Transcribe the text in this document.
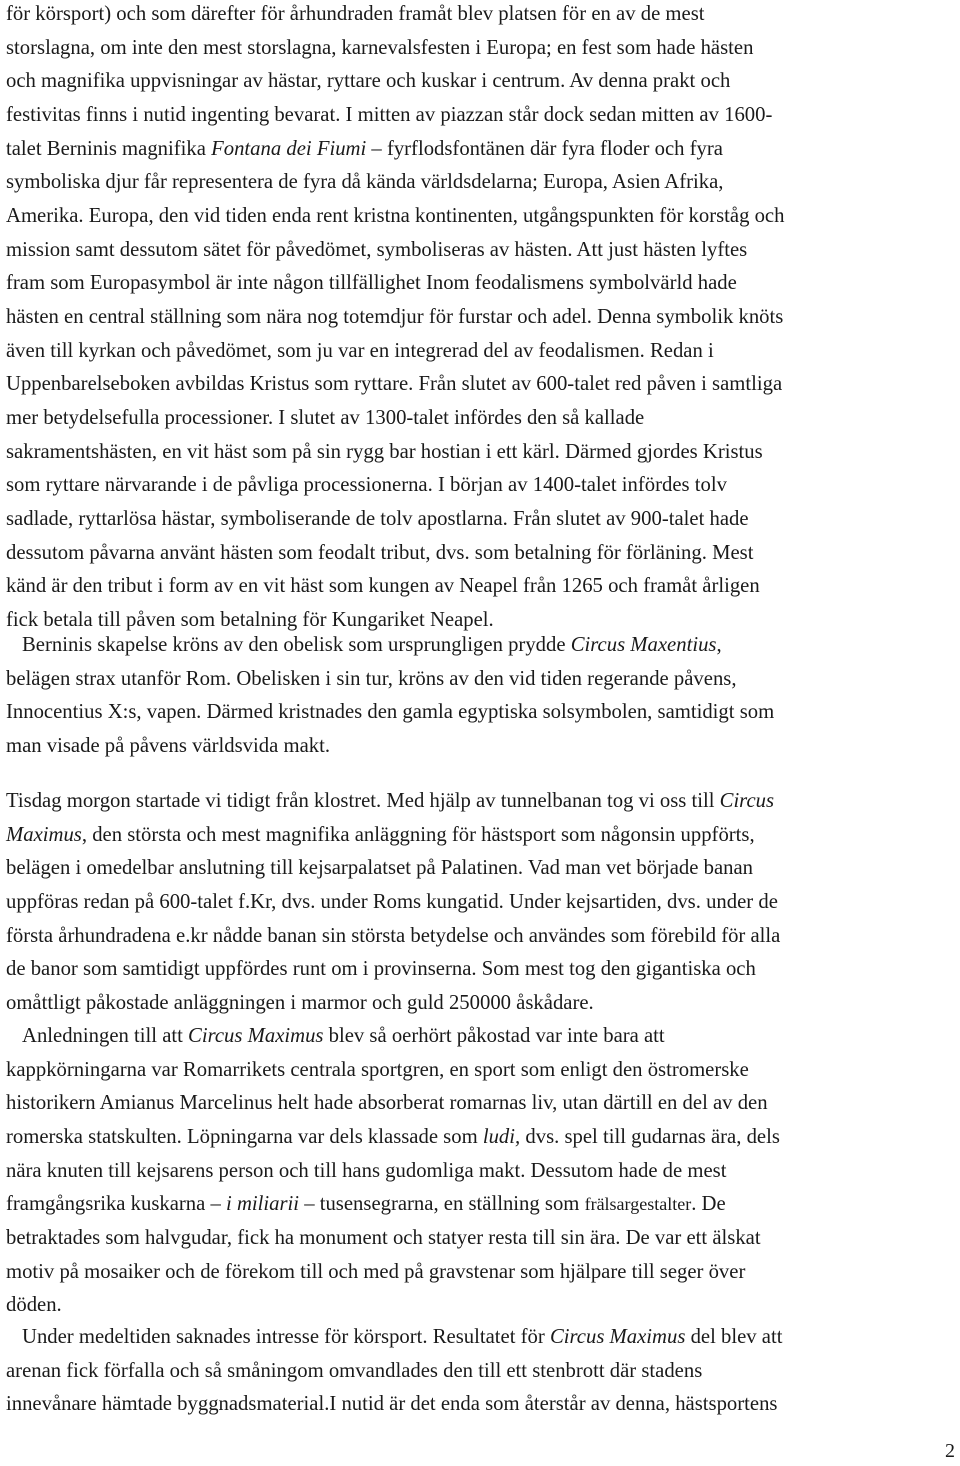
för körsport) och som därefter för århundraden framåt blev platsen för en av de mest
storslagna, om inte den mest storslagna, karnevalsfesten i Europa; en fest som hade hästen
och magnifika uppvisningar av hästar, ryttare och kuskar i centrum. Av denna prakt och
festivitas finns i nutid ingenting bevarat. I mitten av piazzan står dock sedan mitten av 1600-
talet Berninis magnifika Fontana dei Fiumi – fyrflodsfontänen där fyra floder och fyra
symboliska djur får representera de fyra då kända världsdelarna; Europa, Asien Afrika,
Amerika. Europa, den vid tiden enda rent kristna kontinenten, utgångspunkten för korståg och
mission samt dessutom sätet för påvedömet, symboliseras av hästen. Att just hästen lyftes
fram som Europasymbol är inte någon tillfällighet Inom feodalismens symbolvärld hade
hästen en central ställning som nära nog totemdjur för furstar och adel. Denna symbolik knöts
även till kyrkan och påvedömet, som ju var en integrerad del av feodalismen. Redan i
Uppenbarelseboken avbildas Kristus som ryttare. Från slutet av 600-talet red påven i samtliga
mer betydelsefulla processioner. I slutet av 1300-talet infördes den så kallade
sakramentshästen, en vit häst som på sin rygg bar hostian i ett kärl. Därmed gjordes Kristus
som ryttare närvarande i de påvliga processionerna. I början av 1400-talet infördes tolv
sadlade, ryttarlösa hästar, symboliserande de tolv apostlarna. Från slutet av 900-talet hade
dessutom påvarna använt hästen som feodalt tribut, dvs. som betalning för förläning. Mest
känd är den tribut i form av en vit häst som kungen av Neapel från 1265 och framåt årligen
fick betala till påven som betalning för Kungariket Neapel.

Berninis skapelse kröns av den obelisk som ursprungligen prydde Circus Maxentius,
belägen strax utanför Rom. Obelisken i sin tur, kröns av den vid tiden regerande påvens,
Innocentius X:s, vapen. Därmed kristnades den gamla egyptiska solsymbolen, samtidigt som
man visade på påvens världsvida makt.

Tisdag morgon startade vi tidigt från klostret. Med hjälp av tunnelbanan tog vi oss till Circus
Maximus, den största och mest magnifika anläggning för hästsport som någonsin uppförts,
belägen i omedelbar anslutning till kejsarpalatset på Palatinen. Vad man vet började banan
uppföras redan på 600-talet f.Kr, dvs. under Roms kungatid. Under kejsartiden, dvs. under de
första århundradena e.kr nådde banan sin största betydelse och användes som förebild för alla
de banor som samtidigt uppfördes runt om i provinserna. Som mest tog den gigantiska och
omåttligt påkostade anläggningen i marmor och guld 250000 åskådare.

Anledningen till att Circus Maximus blev så oerhört påkostad var inte bara att
kappkörningarna var Romarrikets centrala sportgren, en sport som enligt den östromerske
historikern Amianus Marcelinus helt hade absorberat romarnas liv, utan därtill en del av den
romerska statskulten. Löpningarna var dels klassade som ludi, dvs. spel till gudarnas ära, dels
nära knuten till kejsarens person och till hans gudomliga makt. Dessutom hade de mest
framgångsrika kuskarna – i miliarii – tusensegrarna, en ställning som frälsargestalter. De
betraktades som halvgudar, fick ha monument och statyer resta till sin ära. De var ett älskat
motiv på mosaiker och de förekom till och med på gravstenar som hjälpare till seger över
döden.

Under medeltiden saknades intresse för körsport. Resultatet för Circus Maximus del blev att
arenan fick förfalla och så småningom omvandlades den till ett stenbrott där stadens
innevånare hämtade byggnadsmaterial.I nutid är det enda som återstår av denna, hästsportens

2
